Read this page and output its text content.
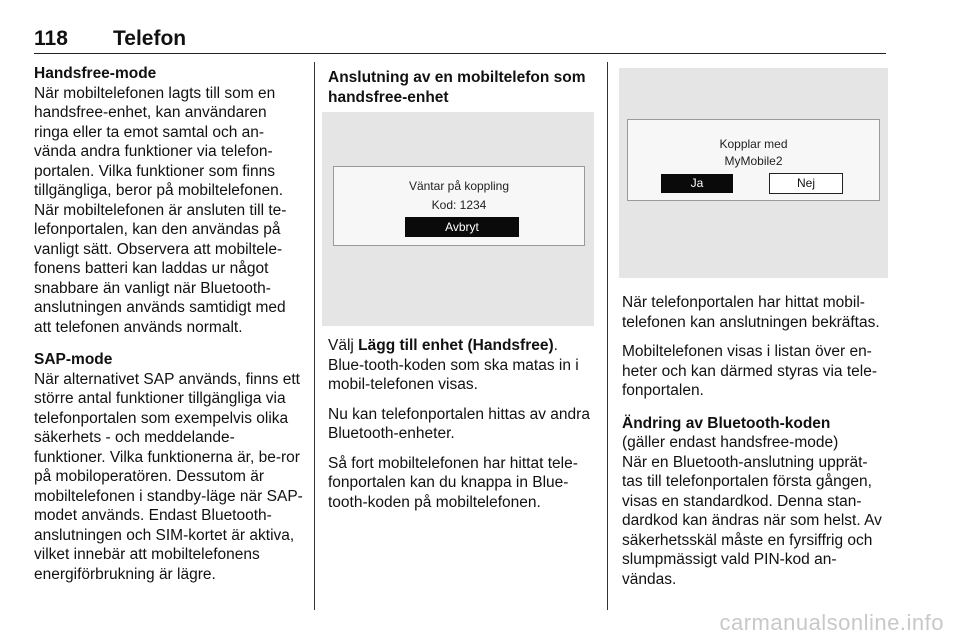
118 Telefon
Handsfree-mode

När mobiltelefonen lagts till som en handsfree-enhet, kan användaren ringa eller ta emot samtal och an-vända andra funktioner via telefon-portalen. Vilka funktioner som finns tillgängliga, beror på mobiltelefonen. När mobiltelefonen är ansluten till te-lefonportalen, kan den användas på vanligt sätt. Observera att mobiltele-fonens batteri kan laddas ur något snabbare än vanligt när Bluetooth-anslutningen används samtidigt med att telefonen används normalt.

SAP-mode

När alternativet SAP används, finns ett större antal funktioner tillgängliga via telefonportalen som exempelvis olika säkerhets - och meddelande-funktioner. Vilka funktionerna är, be-ror på mobiloperatören. Dessutom är mobiltelefonen i standby-läge när SAP-modet används. Endast Bluetooth-anslutningen och SIM-kortet är aktiva, vilket innebär att mobiltelefonens energiförbrukning är lägre.

Anslutning av en mobiltelefon som handsfree-enhet
Väntar på koppling
Kod: 1234
Avbryt

Välj Lägg till enhet (Handsfree). Blue-tooth-koden som ska matas in i mobil-telefonen visas.

Nu kan telefonportalen hittas av andra Bluetooth-enheter.

Så fort mobiltelefonen har hittat tele-fonportalen kan du knappa in Blue-tooth-koden på mobiltelefonen.

Kopplar med
MyMobile2
Ja	Nej

När telefonportalen har hittat mobil-telefonen kan anslutningen bekräftas.

Mobiltelefonen visas i listan över en-heter och kan därmed styras via tele-fonportalen.

Ändring av Bluetooth-koden

(gäller endast handsfree-mode)

När en Bluetooth-anslutning upprät-tas till telefonportalen första gången, visas en standardkod. Denna stan-dardkod kan ändras när som helst. Av säkerhetsskäl måste en fyrsiffrig och slumpmässigt vald PIN-kod an-vändas.

carmanualsonline.info
